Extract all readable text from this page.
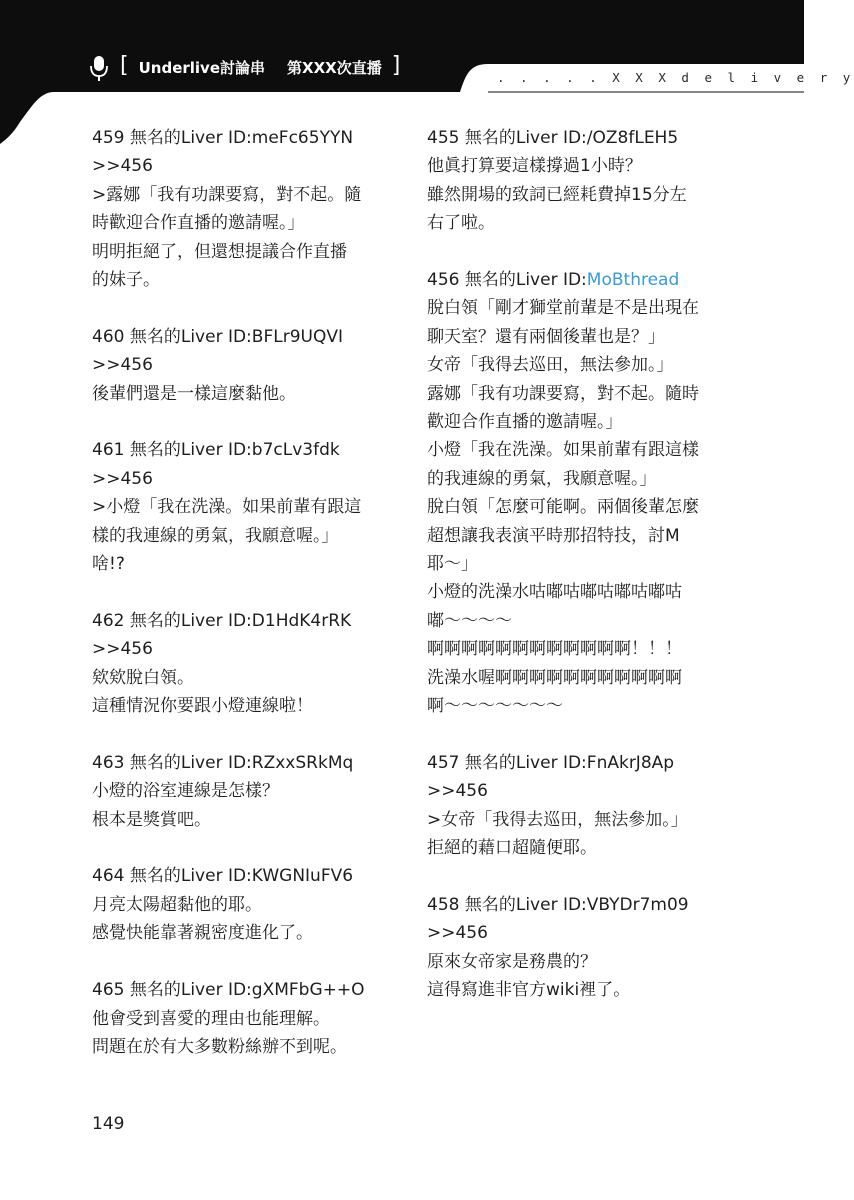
[ Underlive討論串 第XXX次直播 ]	. . . . . X X X d e l i v e r y
459 無名的Liver ID:meFc65YYN
>>456
>露娜「我有功課要寫，對不起。隨
時歡迎合作直播的邀請喔。」
明明拒絕了，但還想提議合作直播
的妹子。
460 無名的Liver ID:BFLr9UQVI
>>456
後輩們還是一樣這麼黏他。
461 無名的Liver ID:b7cLv3fdk
>>456
>小燈「我在洗澡。如果前輩有跟這
樣的我連線的勇氣，我願意喔。」
啥!?
462 無名的Liver ID:D1HdK4rRK
>>456
欸欸脫白領。
這種情況你要跟小燈連線啦！
463 無名的Liver ID:RZxxSRkMq
小燈的浴室連線是怎樣？
根本是獎賞吧。
464 無名的Liver ID:KWGNIuFV6
月亮太陽超黏他的耶。
感覺快能靠著親密度進化了。
465 無名的Liver ID:gXMFbG++O
他會受到喜愛的理由也能理解。
問題在於有大多數粉絲辦不到呢。
455 無名的Liver ID:/OZ8fLEH5
他眞打算要這樣撐過1小時？
雖然開場的致詞已經耗費掉15分左
右了啦。
456 無名的Liver ID:MoBthread
脫白領「剛才獅堂前輩是不是出現在
聊天室？還有兩個後輩也是？」
女帝「我得去巡田，無法參加。」
露娜「我有功課要寫，對不起。隨時
歡迎合作直播的邀請喔。」
小燈「我在洗澡。如果前輩有跟這樣
的我連線的勇氣，我願意喔。」
脫白領「怎麼可能啊。兩個後輩怎麼
超想讓我表演平時那招特技，討M
耶～」
小燈的洗澡水咕嘟咕嘟咕嘟咕嘟咕
嘟～～～～
啊啊啊啊啊啊啊啊啊啊啊啊！！！
洗澡水喔啊啊啊啊啊啊啊啊啊啊啊
啊～～～～～～～
457 無名的Liver ID:FnAkrJ8Ap
>>456
>女帝「我得去巡田，無法參加。」
拒絕的藉口超隨便耶。
458 無名的Liver ID:VBYDr7m09
>>456
原來女帝家是務農的？
這得寫進非官方wiki裡了。
149
